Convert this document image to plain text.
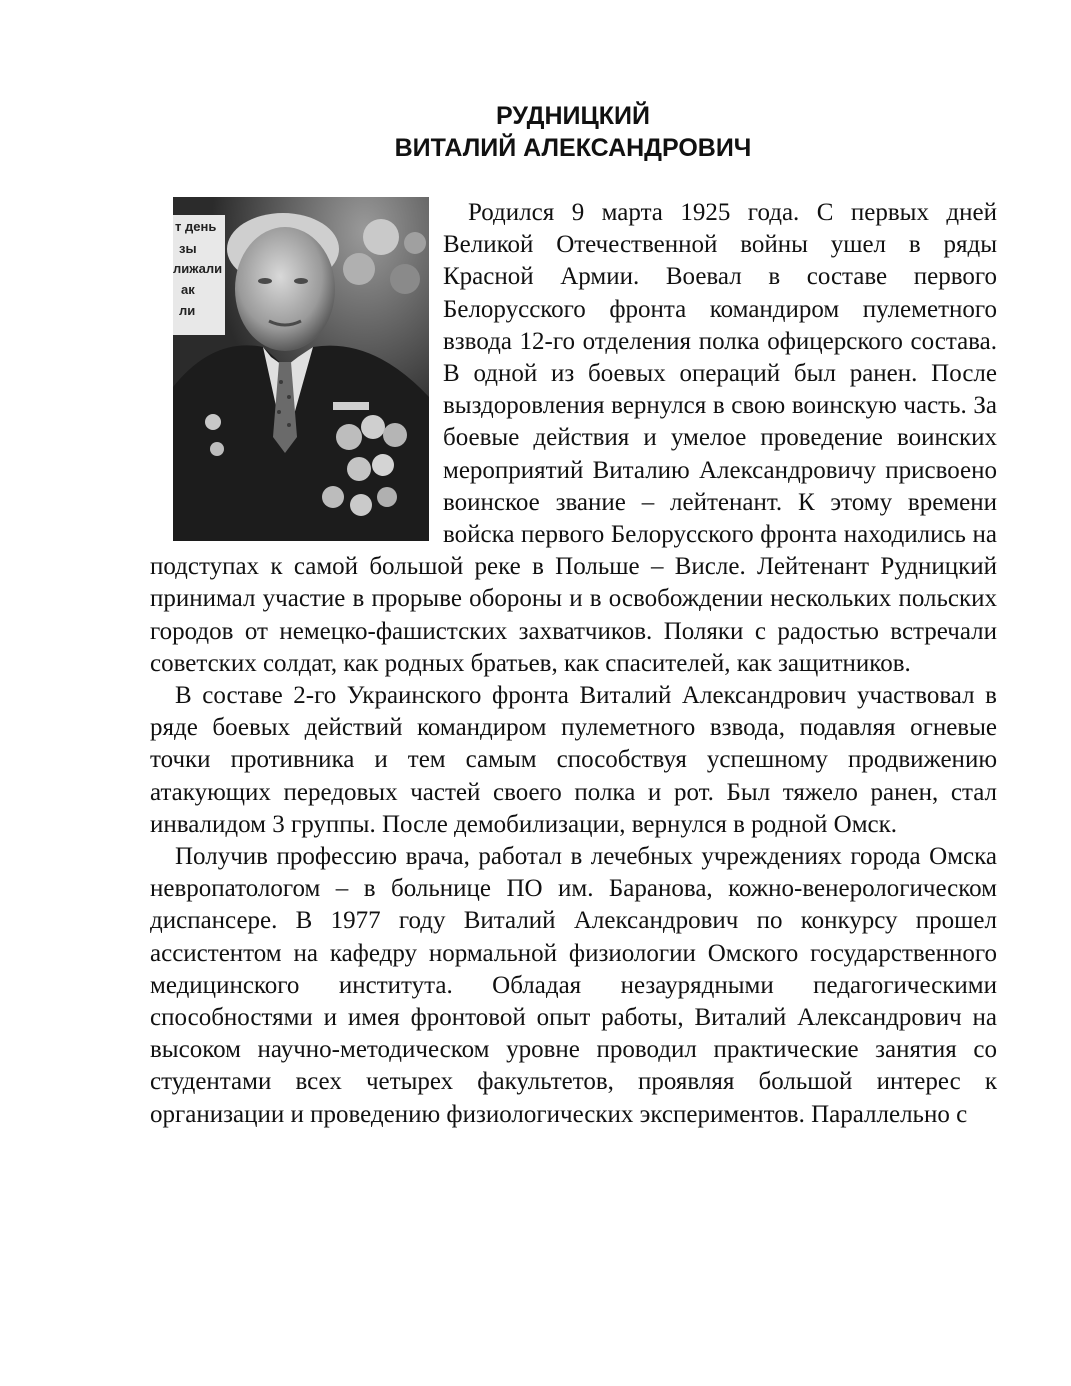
РУДНИЦКИЙ
ВИТАЛИЙ АЛЕКСАНДРОВИЧ

т день
зы
лижали
ак
ли
Родился 9 марта 1925 года. С первых дней Великой Отечественной войны ушел в ряды Красной Армии. Воевал в составе первого Белорусского фронта командиром пулеметного взвода 12-го отделения полка офицерского состава. В одной из боевых операций был ранен. После выздоровления вернулся в свою воинскую часть. За боевые действия и умелое проведение воинских мероприятий Виталию Александровичу присвоено воинское звание – лейтенант. К этому времени войска первого Белорусского фронта находились на подступах к самой большой реке в Польше – Висле. Лейтенант Рудницкий принимал участие в прорыве обороны и в освобождении нескольких польских городов от немецко-фашистских захватчиков. Поляки с радостью встречали советских солдат, как родных братьев, как спасителей, как защитников.

В составе 2-го Украинского фронта Виталий Александрович участвовал в ряде боевых действий командиром пулеметного взвода, подавляя огневые точки противника и тем самым способствуя успешному продвижению атакующих передовых частей своего полка и рот. Был тяжело ранен, стал инвалидом 3 группы. После демобилизации, вернулся в родной Омск.

Получив профессию врача, работал в лечебных учреждениях города Омска невропатологом – в больнице ПО им. Баранова, кожно-венерологическом диспансере. В 1977 году Виталий Александрович по конкурсу прошел ассистентом на кафедру нормальной физиологии Омского государственного медицинского института. Обладая незаурядными педагогическими способностями и имея фронтовой опыт работы, Виталий Александрович на высоком научно-методическом уровне проводил практические занятия со студентами всех четырех факультетов, проявляя большой интерес к организации и проведению физиологических экспериментов. Параллельно с
